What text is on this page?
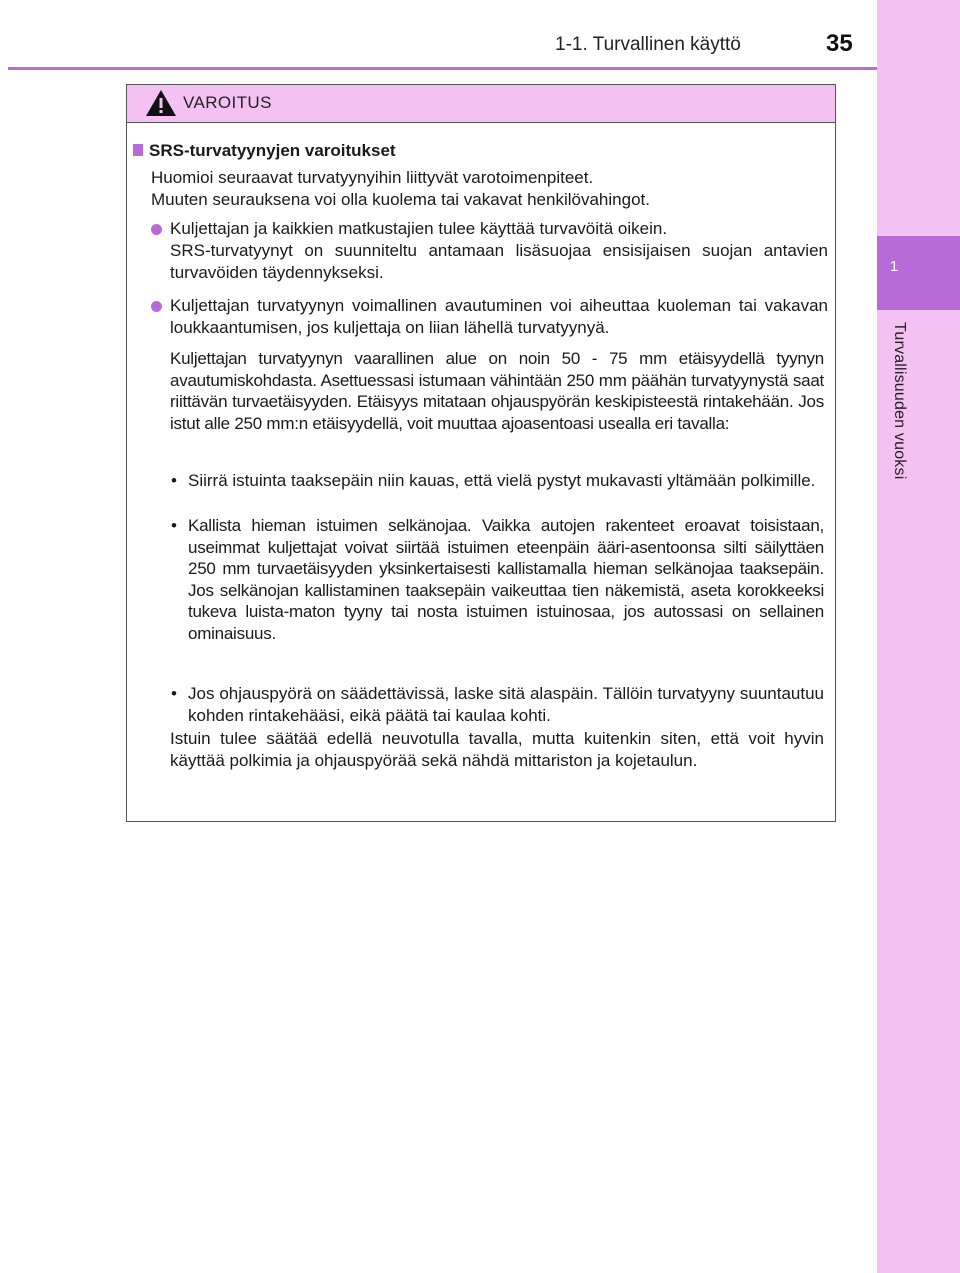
1
Turvallisuuden vuoksi
1-1. Turvallinen käyttö	35
VAROITUS
SRS-turvatyynyjen varoitukset
Huomioi seuraavat turvatyynyihin liittyvät varotoimenpiteet.
Muuten seurauksena voi olla kuolema tai vakavat henkilövahingot.
Kuljettajan ja kaikkien matkustajien tulee käyttää turvavöitä oikein.
SRS-turvatyynyt on suunniteltu antamaan lisäsuojaa ensisijaisen suojan antavien turvavöiden täydennykseksi.
Kuljettajan turvatyynyn voimallinen avautuminen voi aiheuttaa kuoleman tai vakavan loukkaantumisen, jos kuljettaja on liian lähellä turvatyynyä.
Kuljettajan turvatyynyn vaarallinen alue on noin 50 - 75 mm etäisyydellä tyynyn avautumiskohdasta. Asettuessasi istumaan vähintään 250 mm päähän turvatyynystä saat riittävän turvaetäisyyden. Etäisyys mitataan ohjauspyörän keskipisteestä rintakehään. Jos istut alle 250 mm:n etäisyydellä, voit muuttaa ajoasentoasi usealla eri tavalla:
• Siirrä istuinta taaksepäin niin kauas, että vielä pystyt mukavasti yltämään polkimille.
• Kallista hieman istuimen selkänojaa. Vaikka autojen rakenteet eroavat toisistaan, useimmat kuljettajat voivat siirtää istuimen eteenpäin ääri-asentoonsa silti säilyttäen 250 mm turvaetäisyyden yksinkertaisesti kallistamalla hieman selkänojaa taaksepäin. Jos selkänojan kallistaminen taaksepäin vaikeuttaa tien näkemistä, aseta korokkeeksi tukeva luista-maton tyyny tai nosta istuimen istuinosaa, jos autossasi on sellainen ominaisuus.
• Jos ohjauspyörä on säädettävissä, laske sitä alaspäin. Tällöin turvatyyny suuntautuu kohden rintakehääsi, eikä päätä tai kaulaa kohti.
Istuin tulee säätää edellä neuvotulla tavalla, mutta kuitenkin siten, että voit hyvin käyttää polkimia ja ohjauspyörää sekä nähdä mittariston ja kojetaulun.
